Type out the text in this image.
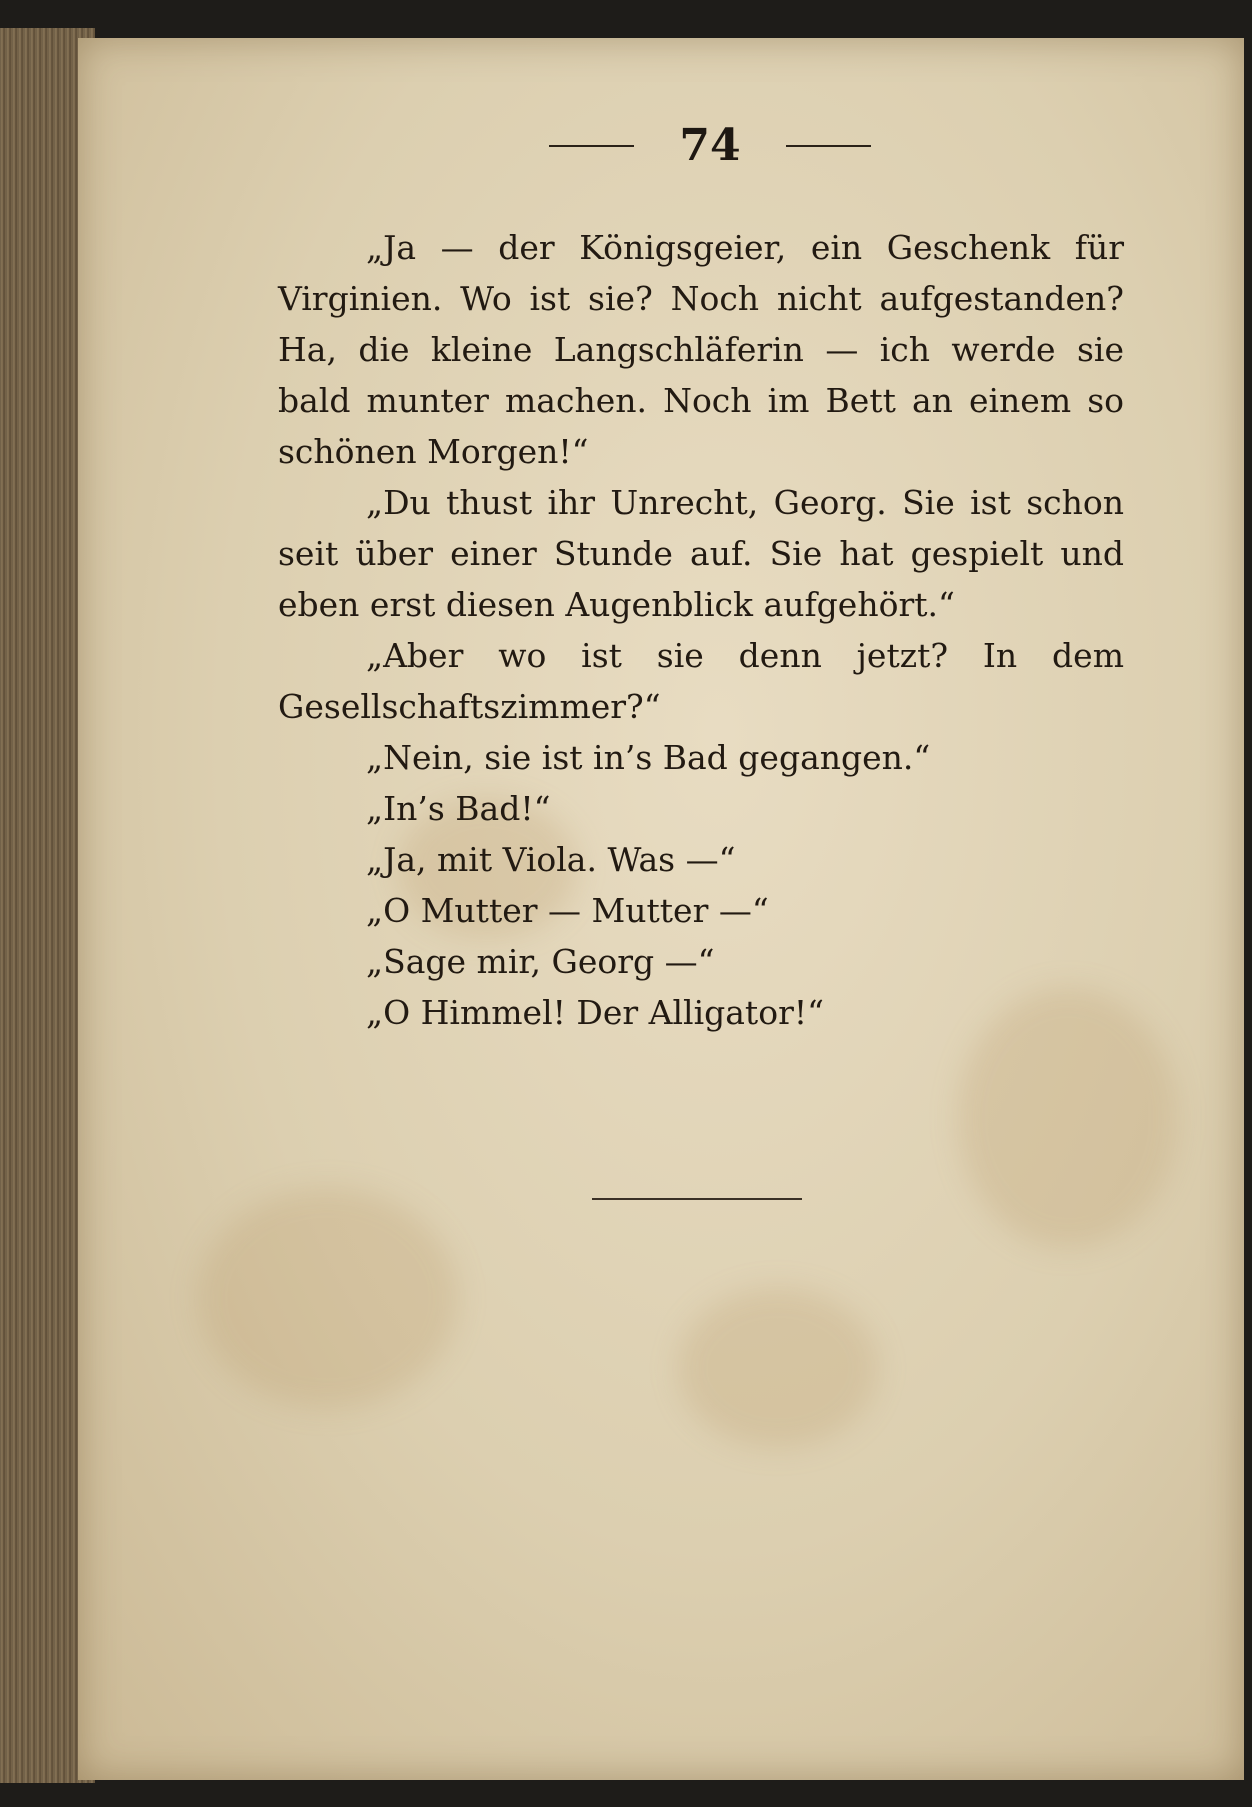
74

„Ja — der Königsgeier, ein Geschenk für Virginien. Wo ist sie? Noch nicht aufgestanden? Ha, die kleine Langschläferin — ich werde sie bald munter machen. Noch im Bett an einem so schönen Morgen!“

„Du thust ihr Unrecht, Georg. Sie ist schon seit über einer Stunde auf. Sie hat gespielt und eben erst diesen Augenblick aufgehört.“

„Aber wo ist sie denn jetzt? In dem Gesellschaftszimmer?“

„Nein, sie ist in’s Bad gegangen.“

„In’s Bad!“

„Ja, mit Viola. Was —“

„O Mutter — Mutter —“

„Sage mir, Georg —“

„O Himmel! Der Alligator!“
